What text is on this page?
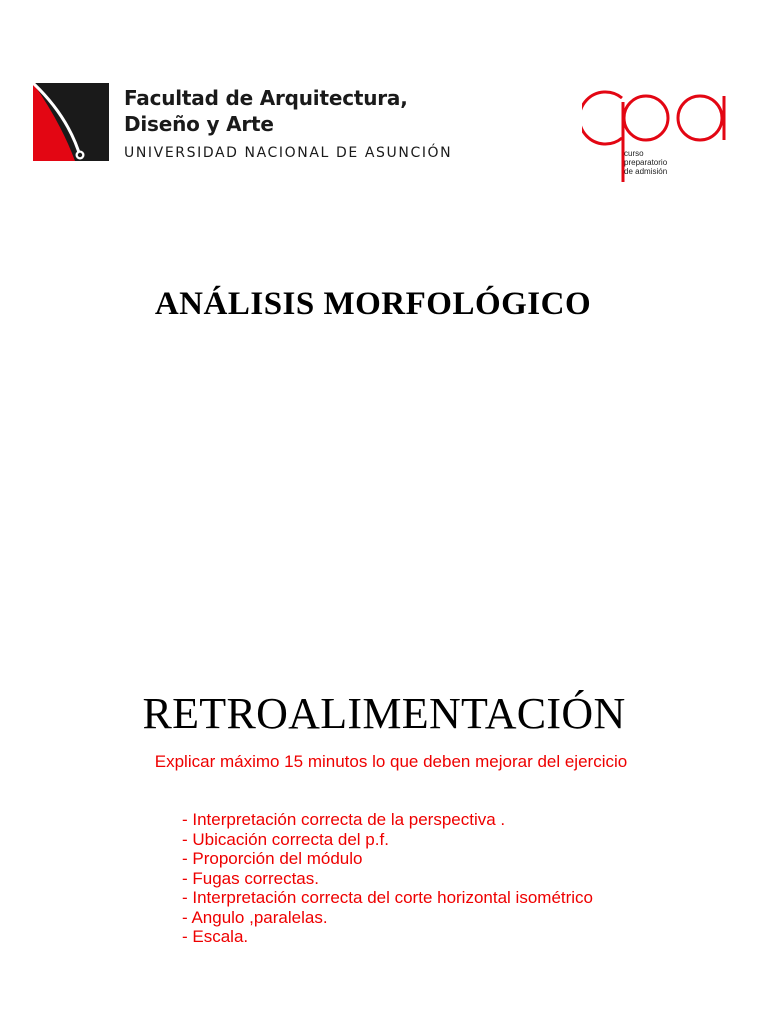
Facultad de Arquitectura,
Diseño y Arte
UNIVERSIDAD NACIONAL DE ASUNCIÓN	curso
preparatorio
de admisión
ANÁLISIS MORFOLÓGICO
RETROALIMENTACIÓN
Explicar máximo 15 minutos lo que deben mejorar del ejercicio
- Interpretación correcta de la perspectiva .
- Ubicación correcta del p.f.
- Proporción del módulo
- Fugas correctas.
- Interpretación correcta del corte horizontal isométrico
- Angulo ,paralelas.
- Escala.
